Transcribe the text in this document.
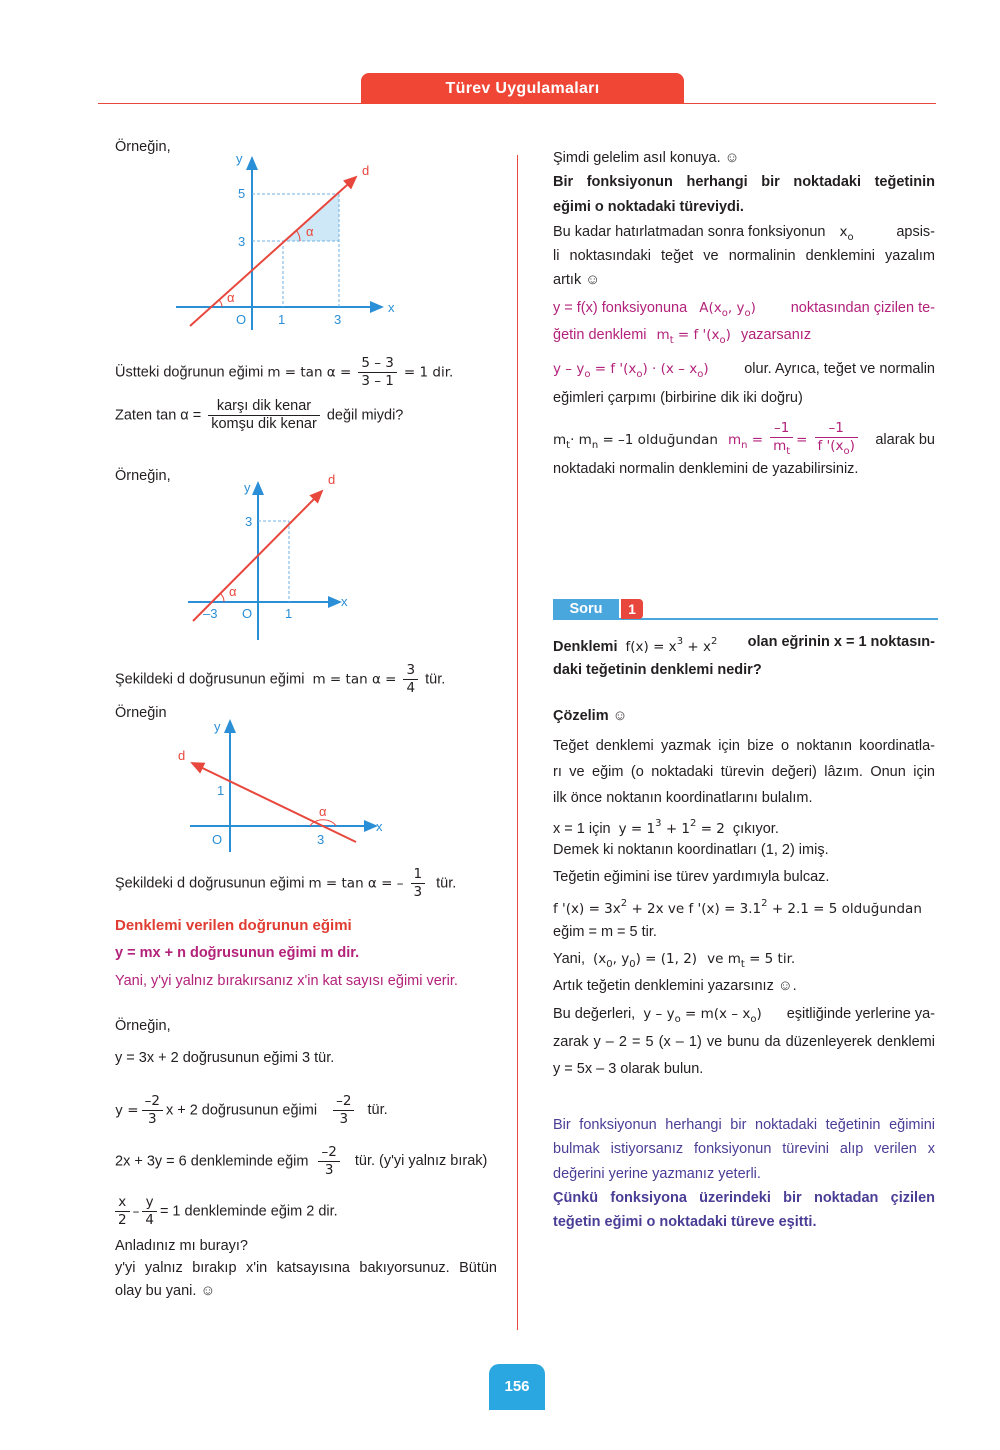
Türev Uygulamaları
Örneğin,
y
x
O 1	3
3
5
d
α
α
Üstteki doğrunun eğimi $m = \tan \alpha = \frac{5 - 3}{3 - 1} = 1$ dir.
Zaten $\tan \alpha = \frac{\text{karşı dik kenar}}{\text{komşu dik kenar}}$ değil miydi?
Örneğin,
y
x
O
–3	1
3
d
α
Şekildeki d doğrusunun eğimi $m = \tan \alpha = \frac{3}{4}$ tür.
Örneğin
y
x
O	3
1
d
α
Şekildeki d doğrusunun eğimi m = tan α = – $\frac{1}{3}$ tür.
Denklemi verilen doğrunun eğimi
y = mx + n doğrusunun eğimi m dir.
Yani, y'yi yalnız bırakırsanız x'in kat sayısı eğimi verir.
Örneğin,
y = 3x + 2 doğrusunun eğimi 3 tür.
$y = \frac{-2}{3}$ x + 2 doğrusunun eğimi $\frac{-2}{3}$ tür.
2x + 3y = 6 denkleminde eğim $\frac{-2}{3}$ tür. (y'yi yalnız bırak)
$\frac{x}{2} - \frac{y}{4} = 1$ denkleminde eğim 2 dir.
Anladınız mı burayı?
y'yi yalnız bırakıp x'in katsayısına bakıyorsunuz. Bütün
olay bu yani. ☺
Şimdi gelelim asıl konuya. ☺
Bir fonksiyonun herhangi bir noktadaki teğetinin
eğimi o noktadaki türeviydi.
Bu kadar hatırlatmadan sonra fonksiyonun $x_o$	apsis-
li noktasındaki teğet ve normalinin denklemini yazalım
artık ☺
y = f(x) fonksiyonuna $A(x_o$, $y_o$) noktasından çizilen te-
ğetin denklemi $m_t = f$ '$(x_o)$ yazarsanız
$y - y_o = f$ '$(x_o) \cdot (x - x_o)$ olur. Ayrıca, teğet ve normalin
eğimleri çarpımı (birbirine dik iki doğru)
$m_t\cdot m_n = -1$ olduğundan $m_n = \frac{-1}{m_t} = \frac{-1}{f '(x_o)}$ alarak bu
noktadaki normalin denklemini de yazabilirsiniz.
Soru	1
Denklemi $f(x) = x^3 + x^2$ olan eğrinin x = 1 noktasın-
daki teğetinin denklemi nedir?
Çözelim ☺
Teğet denklemi yazmak için bize o noktanın koordinatla-
rı ve eğim (o noktadaki türevin değeri) lâzım. Onun için
ilk önce noktanın koordinatlarını bulalım.
x = 1 için $y = 1^3 + 1^2 = 2$ çıkıyor.
Demek ki noktanın koordinatları (1, 2) imiş.
Teğetin eğimini ise türev yardımıyla bulcaz.
f '$(x) = 3x^2 + 2x$ ve f '$(x) = 3.1^2 + 2.1 = 5$ olduğundan
eğim = m = 5 tir.
Yani, ($x_0$, $y_0) = (1$, 2) ve $m_t = 5$ tir.
Artık teğetin denklemini yazarsınız ☺.
Bu değerleri, $y - y_o = m(x - x_o)$ eşitliğinde yerlerine ya-
zarak y – 2 = 5 (x – 1) ve bunu da düzenleyerek denklemi
y = 5x – 3 olarak bulun.
Bir fonksiyonun herhangi bir noktadaki teğetinin eğimini
bulmak istiyorsanız fonksiyonun türevini alıp verilen x
değerini yerine yazmanız yeterli.
Çünkü fonksiyona üzerindeki bir noktadan çizilen
teğetin eğimi o noktadaki türeve eşitti.
156
